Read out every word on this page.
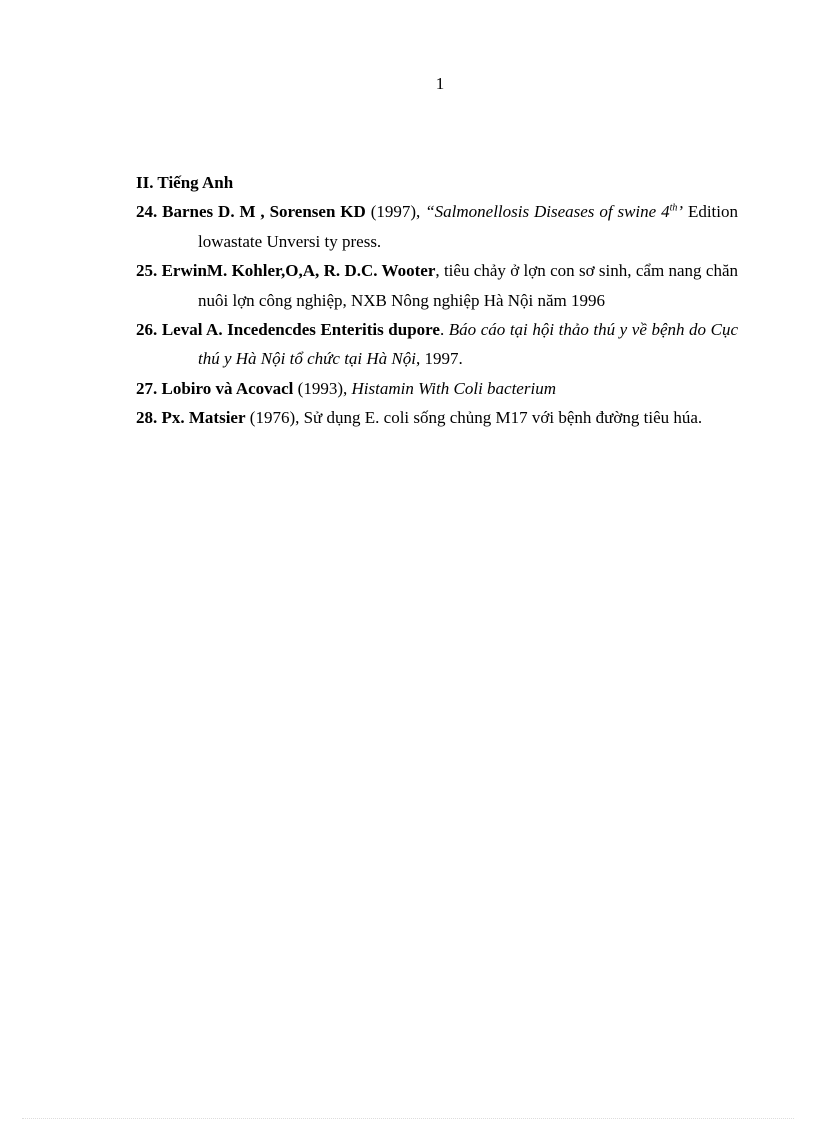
1

II. Tiếng Anh

24. Barnes D. M , Sorensen KD (1997), “Salmonellosis Diseases of swine 4th’ Edition lowastate Unversi ty press.

25. ErwinM. Kohler,O,A, R. D.C. Wooter, tiêu chảy ở lợn con sơ sinh, cẩm nang chăn nuôi lợn công nghiệp, NXB Nông nghiệp Hà Nội năm 1996

26. Leval A. Incedencdes Enteritis dupore. Báo cáo tại hội thảo thú y về bệnh do Cục thú y Hà Nội tổ chức tại Hà Nội, 1997.

27. Lobiro và Acovacl (1993), Histamin With Coli bacterium

28. Px. Matsier (1976), Sử dụng E. coli sống chủng M17 với bệnh đường tiêu húa.
